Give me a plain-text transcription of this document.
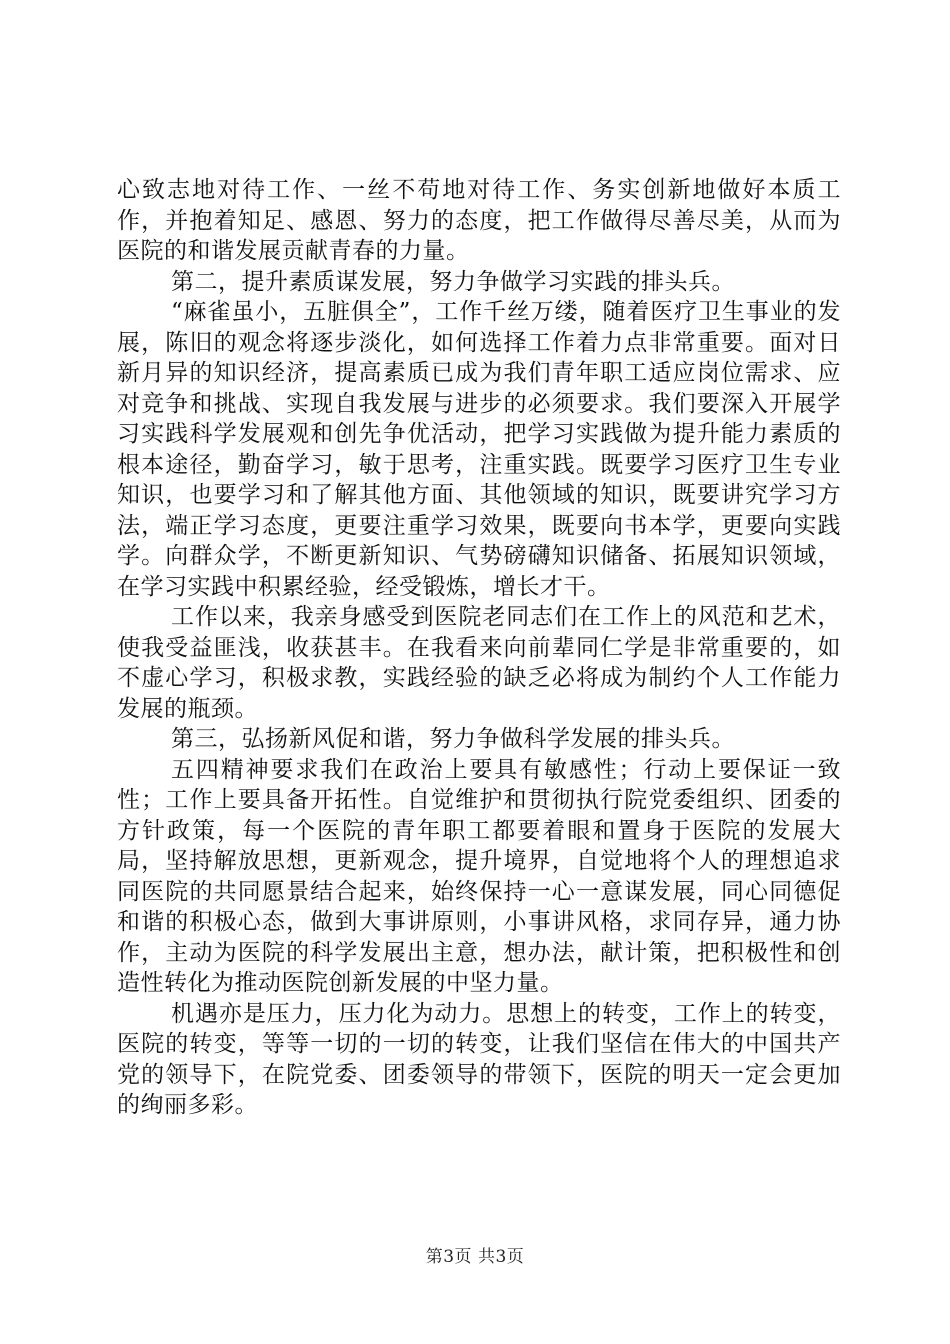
心致志地对待工作、一丝不苟地对待工作、务实创新地做好本质工作，并抱着知足、感恩、努力的态度，把工作做得尽善尽美，从而为医院的和谐发展贡献青春的力量。

第二，提升素质谋发展，努力争做学习实践的排头兵。

“麻雀虽小，五脏俱全”，工作千丝万缕，随着医疗卫生事业的发展，陈旧的观念将逐步淡化，如何选择工作着力点非常重要。面对日新月异的知识经济，提高素质已成为我们青年职工适应岗位需求、应对竞争和挑战、实现自我发展与进步的必须要求。我们要深入开展学习实践科学发展观和创先争优活动，把学习实践做为提升能力素质的根本途径，勤奋学习，敏于思考，注重实践。既要学习医疗卫生专业知识，也要学习和了解其他方面、其他领域的知识，既要讲究学习方法，端正学习态度，更要注重学习效果，既要向书本学，更要向实践学。向群众学，不断更新知识、气势磅礴知识储备、拓展知识领域，在学习实践中积累经验，经受锻炼，增长才干。

工作以来，我亲身感受到医院老同志们在工作上的风范和艺术，使我受益匪浅，收获甚丰。在我看来向前辈同仁学是非常重要的，如不虚心学习，积极求教，实践经验的缺乏必将成为制约个人工作能力发展的瓶颈。

第三，弘扬新风促和谐，努力争做科学发展的排头兵。

五四精神要求我们在政治上要具有敏感性；行动上要保证一致性；工作上要具备开拓性。自觉维护和贯彻执行院党委组织、团委的方针政策，每一个医院的青年职工都要着眼和置身于医院的发展大局，坚持解放思想，更新观念，提升境界，自觉地将个人的理想追求同医院的共同愿景结合起来，始终保持一心一意谋发展，同心同德促和谐的积极心态，做到大事讲原则，小事讲风格，求同存异，通力协作，主动为医院的科学发展出主意，想办法，献计策，把积极性和创造性转化为推动医院创新发展的中坚力量。

机遇亦是压力，压力化为动力。思想上的转变，工作上的转变，医院的转变，等等一切的一切的转变，让我们坚信在伟大的中国共产党的领导下，在院党委、团委领导的带领下，医院的明天一定会更加的绚丽多彩。

第3页 共3页
